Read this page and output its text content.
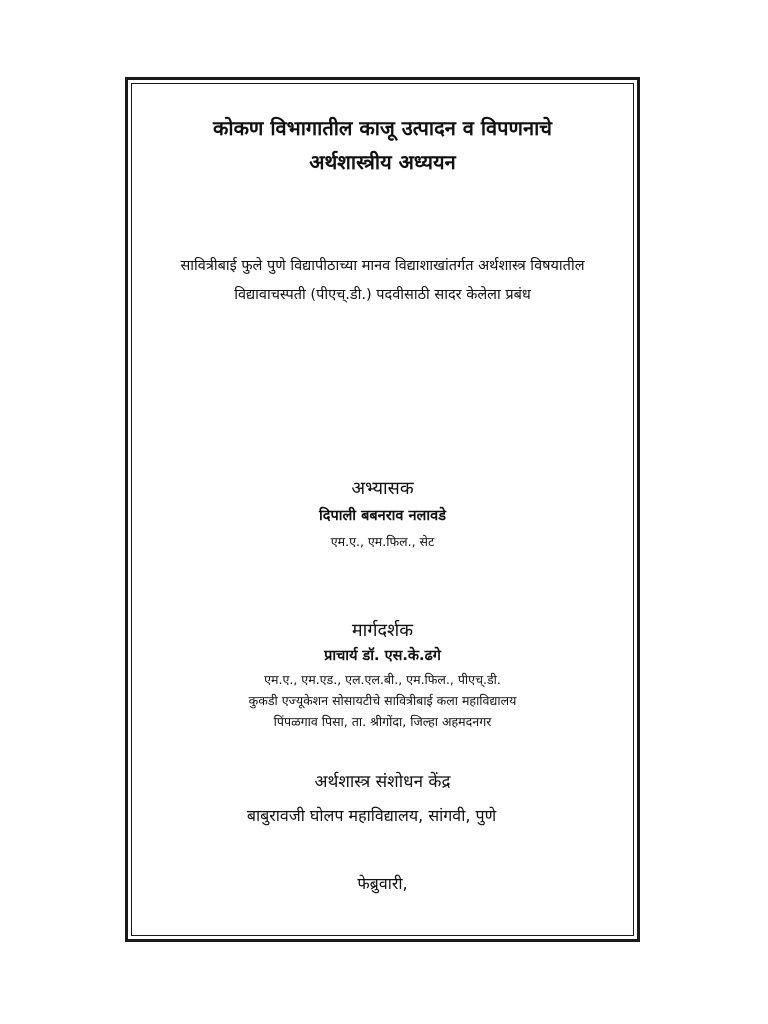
कोकण विभागातील काजू उत्पादन व विपणनाचे
अर्थशास्त्रीय अध्ययन
सावित्रीबाई फुले पुणे विद्यापीठाच्या मानव विद्याशाखांतर्गत अर्थशास्त्र विषयातील
विद्यावाचस्पती (पीएच्.डी.) पदवीसाठी सादर केलेला प्रबंध
अभ्यासक
दिपाली बबनराव नलावडे
एम.ए., एम.फिल., सेट
मार्गदर्शक
प्राचार्य डॉ. एस.के.ढगे
एम.ए., एम.एड., एल.एल.बी., एम.फिल., पीएच्.डी.
कुकडी एज्यूकेशन सोसायटीचे सावित्रीबाई कला महाविद्यालय
पिंपळगाव पिसा, ता. श्रीगोंदा, जिल्हा अहमदनगर
अर्थशास्त्र संशोधन केंद्र
बाबुरावजी घोलप महाविद्यालय, सांगवी, पुणे
फेब्रुवारी,
